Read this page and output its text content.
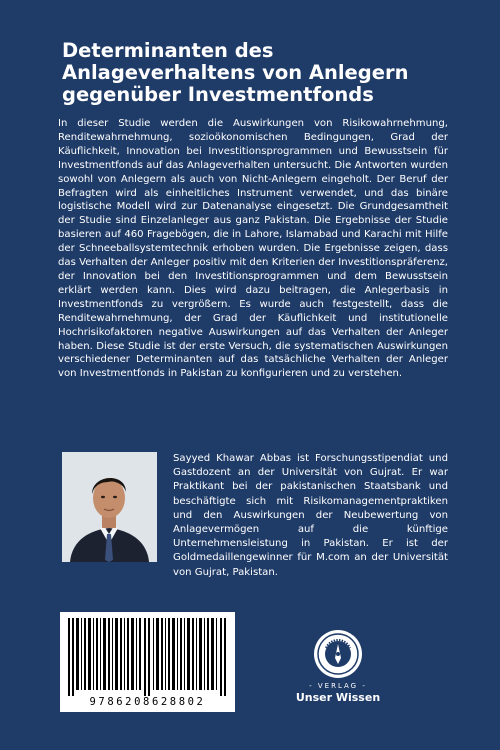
Determinanten des
Anlageverhaltens von Anlegern
gegenüber Investmentfonds

In dieser Studie werden die Auswirkungen von Risikowahrnehmung, Renditewahrnehmung, sozioökonomischen Bedingungen, Grad der Käuflichkeit, Innovation bei Investitionsprogrammen und Bewusstsein für Investmentfonds auf das Anlageverhalten untersucht. Die Antworten wurden sowohl von Anlegern als auch von Nicht-Anlegern eingeholt. Der Beruf der Befragten wird als einheitliches Instrument verwendet, und das binäre logistische Modell wird zur Datenanalyse eingesetzt. Die Grundgesamtheit der Studie sind Einzelanleger aus ganz Pakistan. Die Ergebnisse der Studie basieren auf 460 Fragebögen, die in Lahore, Islamabad und Karachi mit Hilfe der Schneeballsystemtechnik erhoben wurden. Die Ergebnisse zeigen, dass das Verhalten der Anleger positiv mit den Kriterien der Investitionspräferenz, der Innovation bei den Investitionsprogrammen und dem Bewusstsein erklärt werden kann. Dies wird dazu beitragen, die Anlegerbasis in Investmentfonds zu vergrößern. Es wurde auch festgestellt, dass die Renditewahrnehmung, der Grad der Käuflichkeit und institutionelle Hochrisikofaktoren negative Auswirkungen auf das Verhalten der Anleger haben. Diese Studie ist der erste Versuch, die systematischen Auswirkungen verschiedener Determinanten auf das tatsächliche Verhalten der Anleger von Investmentfonds in Pakistan zu konfigurieren und zu verstehen.

Sayyed Khawar Abbas ist Forschungsstipendiat und Gastdozent an der Universität von Gujrat. Er war Praktikant bei der pakistanischen Staatsbank und beschäftigte sich mit Risikomanagementpraktiken und den Auswirkungen der Neubewertung von Anlagevermögen auf die künftige Unternehmensleistung in Pakistan. Er ist der Goldmedaillengewinner für M.com an der Universität von Gujrat, Pakistan.

9786208628802
- VERLAG -
Unser Wissen
